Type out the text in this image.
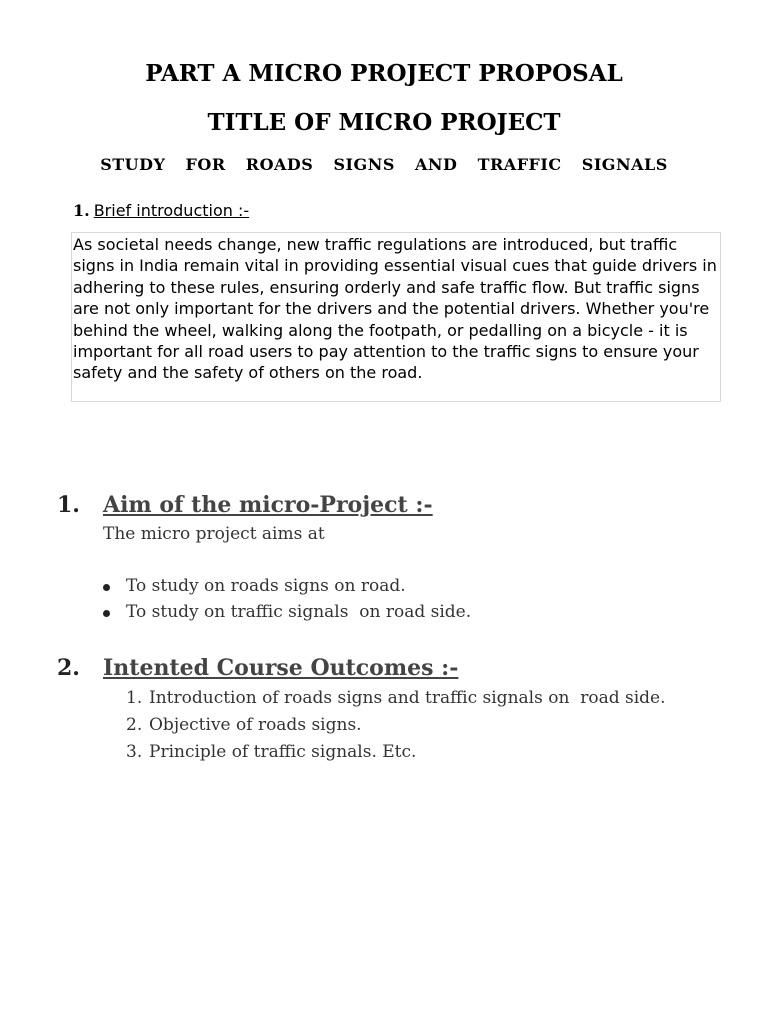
PART A MICRO PROJECT PROPOSAL
TITLE OF MICRO PROJECT
STUDY  FOR  ROADS  SIGNS  AND  TRAFFIC  SIGNALS
1. Brief introduction :-
As societal needs change, new traffic regulations are introduced, but traffic signs in India remain vital in providing essential visual cues that guide drivers in adhering to these rules, ensuring orderly and safe traffic flow. But traffic signs are not only important for the drivers and the potential drivers. Whether you're behind the wheel, walking along the footpath, or pedalling on a bicycle - it is important for all road users to pay attention to the traffic signs to ensure your safety and the safety of others on the road.
1. Aim of the micro-Project :-
The micro project aims at
To study on roads signs on road.
To study on traffic signals  on road side.
2. Intented Course Outcomes :-
1. Introduction of roads signs and traffic signals on  road side.
2. Objective of roads signs.
3. Principle of traffic signals. Etc.
